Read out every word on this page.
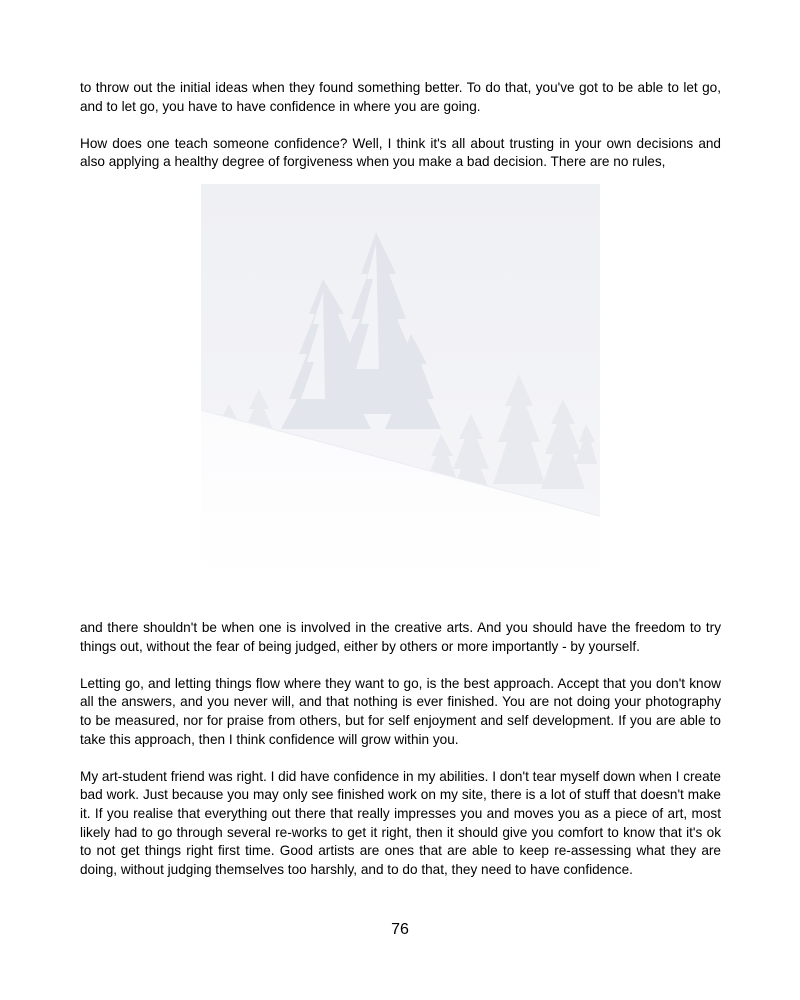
to throw out the initial ideas when they found something better. To do that, you've got to be able to let go, and to let go, you have to have confidence in where you are going.

How does one teach someone confidence? Well, I think it's all about trusting in your own decisions and also applying a healthy degree of forgiveness when you make a bad decision. There are no rules,

and there shouldn't be when one is involved in the creative arts. And you should have the freedom to try things out, without the fear of being judged, either by others or more importantly - by yourself.

Letting go, and letting things flow where they want to go, is the best approach. Accept that you don't know all the answers, and you never will, and that nothing is ever finished. You are not doing your photography to be measured, nor for praise from others, but for self enjoyment and self development. If you are able to take this approach, then I think confidence will grow within you.

My art-student friend was right. I did have confidence in my abilities. I don't tear myself down when I create bad work. Just because you may only see finished work on my site, there is a lot of stuff that doesn't make it. If you realise that everything out there that really impresses you and moves you as a piece of art, most likely had to go through several re-works to get it right, then it should give you comfort to know that it's ok to not get things right first time. Good artists are ones that are able to keep re-assessing what they are doing, without judging themselves too harshly, and to do that, they need to have confidence.

76
